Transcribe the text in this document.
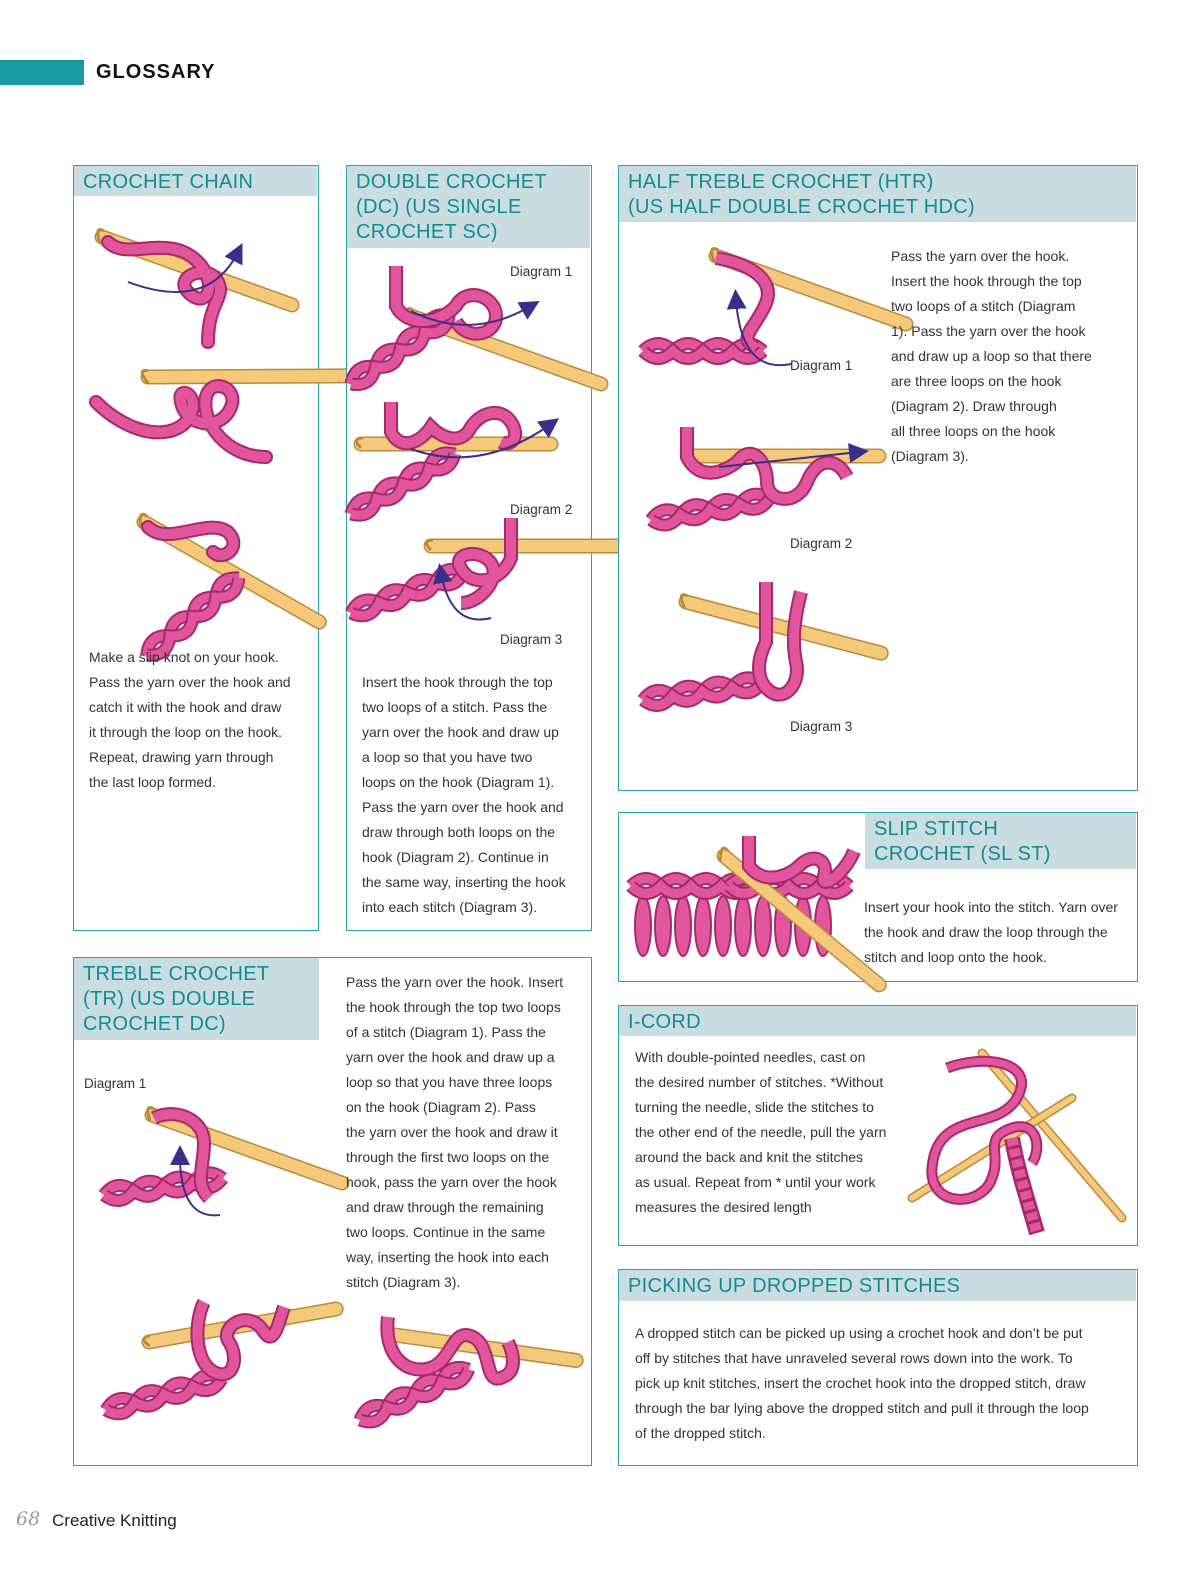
GLOSSARY
CROCHET CHAIN
Make a slip knot on your hook.
Pass the yarn over the hook and
catch it with the hook and draw
it through the loop on the hook.
Repeat, drawing yarn through
the last loop formed.
DOUBLE CROCHET
(DC) (US SINGLE
CROCHET SC)
Diagram 1
Diagram 2
Diagram 3
Insert the hook through the top
two loops of a stitch. Pass the
yarn over the hook and draw up
a loop so that you have two
loops on the hook (Diagram 1).
Pass the yarn over the hook and
draw through both loops on the
hook (Diagram 2). Continue in
the same way, inserting the hook
into each stitch (Diagram 3).
HALF TREBLE CROCHET (HTR)
(US HALF DOUBLE CROCHET HDC)
Diagram 1
Diagram 2
Diagram 3
Pass the yarn over the hook.
Insert the hook through the top
two loops of a stitch (Diagram
1). Pass the yarn over the hook
and draw up a loop so that there
are three loops on the hook
(Diagram 2). Draw through
all three loops on the hook
(Diagram 3).
SLIP STITCH
CROCHET (SL ST)
Insert your hook into the stitch. Yarn over
the hook and draw the loop through the
stitch and loop onto the hook.
TREBLE CROCHET
(TR) (US DOUBLE
CROCHET DC)
Diagram 1
Pass the yarn over the hook. Insert
the hook through the top two loops
of a stitch (Diagram 1). Pass the
yarn over the hook and draw up a
loop so that you have three loops
on the hook (Diagram 2). Pass
the yarn over the hook and draw it
through the first two loops on the
hook, pass the yarn over the hook
and draw through the remaining
two loops. Continue in the same
way, inserting the hook into each
stitch (Diagram 3).
I-CORD
With double-pointed needles, cast on
the desired number of stitches. *Without
turning the needle, slide the stitches to
the other end of the needle, pull the yarn
around the back and knit the stitches
as usual. Repeat from * until your work
measures the desired length
PICKING UP DROPPED STITCHES
A dropped stitch can be picked up using a crochet hook and don’t be put
off by stitches that have unraveled several rows down into the work. To
pick up knit stitches, insert the crochet hook into the dropped stitch, draw
through the bar lying above the dropped stitch and pull it through the loop
of the dropped stitch.
68 Creative Knitting
